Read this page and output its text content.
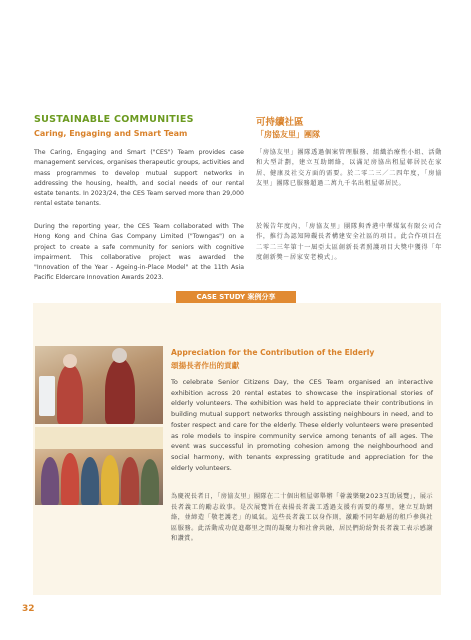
SUSTAINABLE COMMUNITIES
Caring, Engaging and Smart Team
可持續社區
「房協友里」團隊
The Caring, Engaging and Smart ("CES") Team provides case management services, organises therapeutic groups, activities and mass programmes to develop mutual support networks in addressing the housing, health, and social needs of our rental estate tenants. In 2023/24, the CES Team served more than 29,000 rental estate tenants.
During the reporting year, the CES Team collaborated with The Hong Kong and China Gas Company Limited ("Towngas") on a project to create a safe community for seniors with cognitive impairment. This collaborative project was awarded the "Innovation of the Year - Ageing-in-Place Model" at the 11th Asia Pacific Eldercare Innovation Awards 2023.
「房協友里」團隊透過個案管理服務、組織治療性小組、活動和大型計劃，建立互助網絡，以滿足房協出租屋邨居民在家居、健康及社交方面的需要。於二零二三／二四年度，「房協友里」團隊已服務超過二萬九千名出租屋邨居民。
於報告年度內，「房協友里」團隊與香港中華煤氣有限公司合作，推行為認知障礙長者構建安全社區的項目。此合作項目在二零二三年第十一屆亞太區創新長者照護項目大獎中獲得「年度創新獎－居家安老模式」。
CASE STUDY 案例分享
Appreciation for the Contribution of the Elderly
頌揚長者作出的貢獻
To celebrate Senior Citizens Day, the CES Team organised an interactive exhibition across 20 rental estates to showcase the inspirational stories of elderly volunteers. The exhibition was held to appreciate their contributions in building mutual support networks through assisting neighbours in need, and to foster respect and care for the elderly. These elderly volunteers were presented as role models to inspire community service among tenants of all ages. The event was successful in promoting cohesion among the neighbourhood and social harmony, with tenants expressing gratitude and appreciation for the elderly volunteers.
為慶祝長者日，「房協友里」團隊在二十個出租屋邨舉辦「薈義樂聚2023互助展覽」，展示長者義工的勵志故事。是次展覽旨在表揚長者義工透過支援有需要的鄰里，建立互助網絡，並締造「敬老護老」的風氣。這些長者義工以身作則，激勵不同年齡層的租戶參與社區服務。此活動成功促進鄰里之間的凝聚力和社會共融，居民們紛紛對長者義工表示感謝和讚賞。
32
